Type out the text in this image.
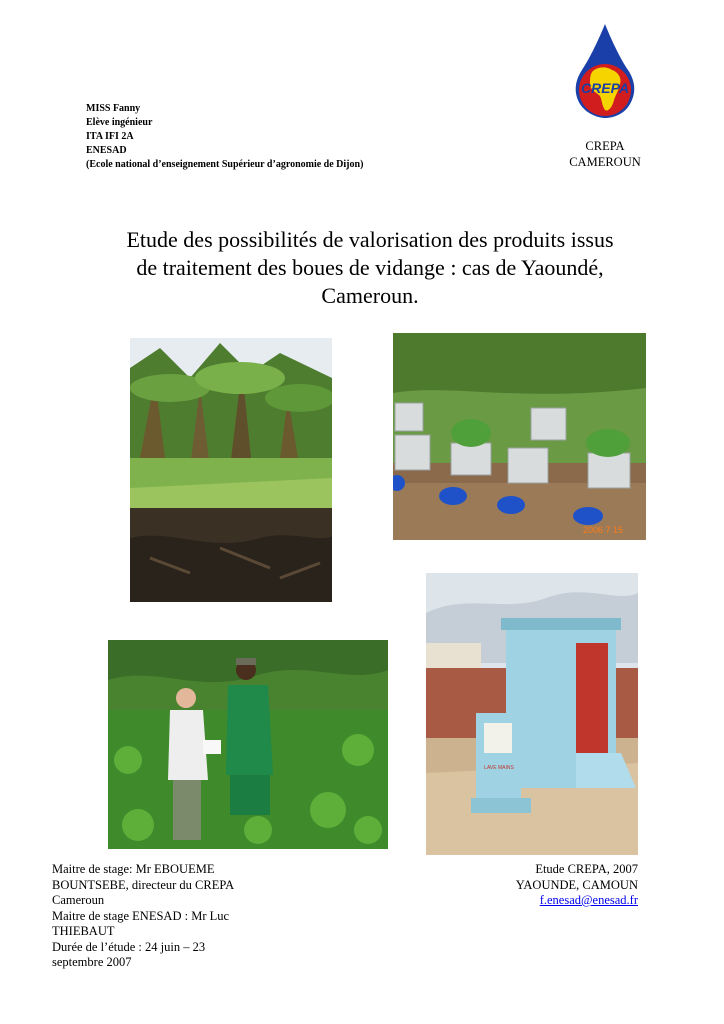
MISS Fanny
Elève ingénieur
ITA IFI 2A
ENESAD
(Ecole national d’enseignement Supérieur d’agronomie de Dijon)
CREPA
CREPA
CAMEROUN
Etude des possibilités de valorisation des produits issus
de traitement des boues de vidange : cas de Yaoundé,
Cameroun.
2006 7 15
LAVE MAINS
Maitre de stage: Mr EBOUEME
BOUNTSEBE, directeur du CREPA
Cameroun
Maitre de stage ENESAD : Mr Luc
THIEBAUT
Durée de l’étude : 24 juin – 23
septembre 2007
Etude CREPA, 2007
YAOUNDE, CAMOUN
f.enesad@enesad.fr
